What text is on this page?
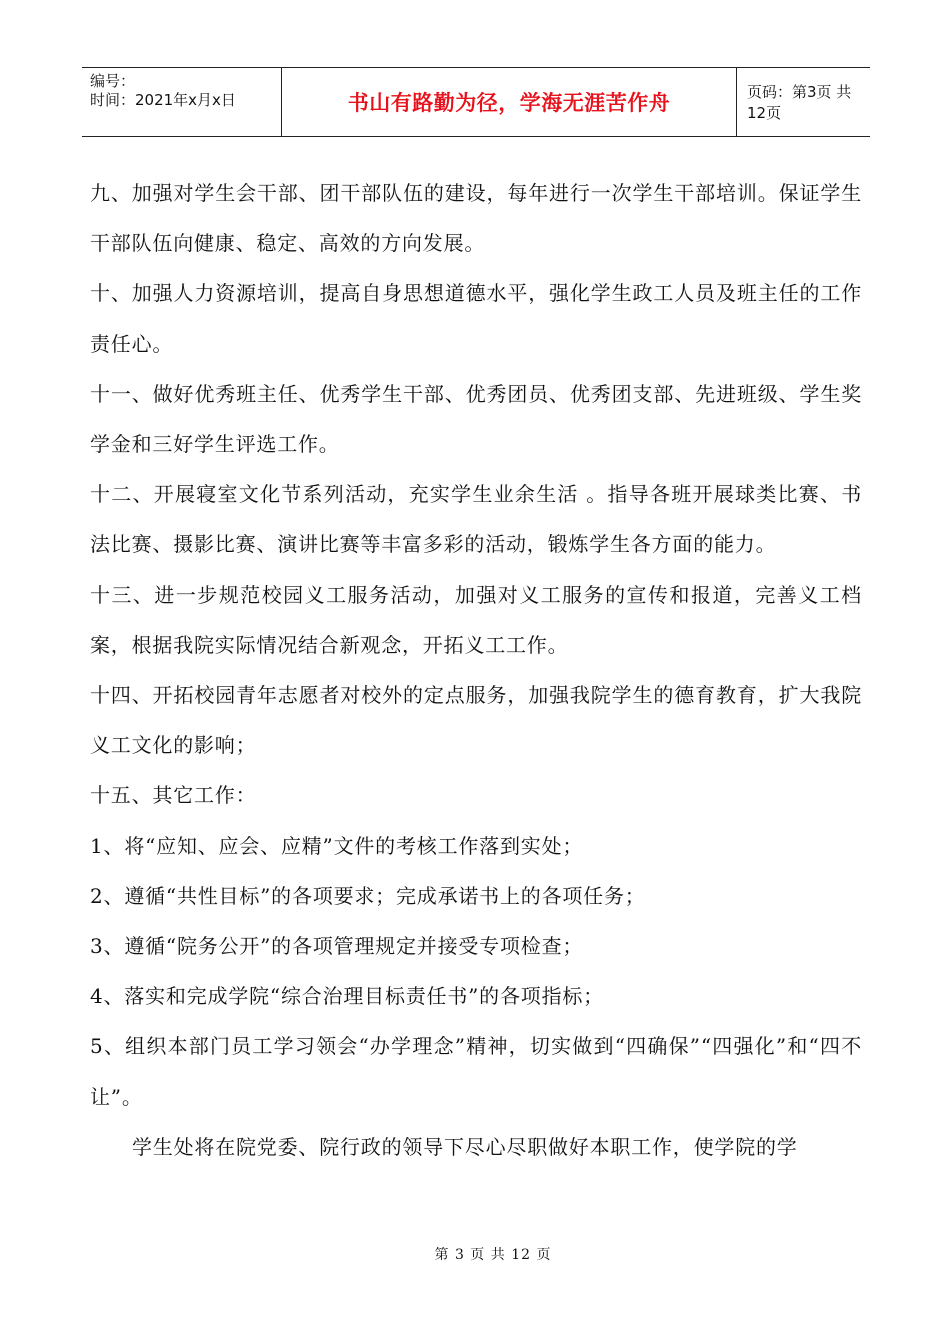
编号：
时间：2021年x月x日	书山有路勤为径，学海无涯苦作舟	页码：第3页 共12页

九、加强对学生会干部、团干部队伍的建设，每年进行一次学生干部培训。保证学生干部队伍向健康、稳定、高效的方向发展。

十、加强人力资源培训，提高自身思想道德水平，强化学生政工人员及班主任的工作责任心。

十一、做好优秀班主任、优秀学生干部、优秀团员、优秀团支部、先进班级、学生奖学金和三好学生评选工作。

十二、开展寝室文化节系列活动，充实学生业余生活 。指导各班开展球类比赛、书法比赛、摄影比赛、演讲比赛等丰富多彩的活动，锻炼学生各方面的能力。

十三、进一步规范校园义工服务活动，加强对义工服务的宣传和报道，完善义工档案，根据我院实际情况结合新观念，开拓义工工作。

十四、开拓校园青年志愿者对校外的定点服务，加强我院学生的德育教育，扩大我院义工文化的影响；

十五、其它工作：

1、将“应知、应会、应精”文件的考核工作落到实处；

2、遵循“共性目标”的各项要求；完成承诺书上的各项任务；

3、遵循“院务公开”的各项管理规定并接受专项检查；

4、落实和完成学院“综合治理目标责任书”的各项指标；

5、组织本部门员工学习领会“办学理念”精神，切实做到“四确保”“四强化”和“四不让”。

学生处将在院党委、院行政的领导下尽心尽职做好本职工作，使学院的学

第 3 页 共 12 页
